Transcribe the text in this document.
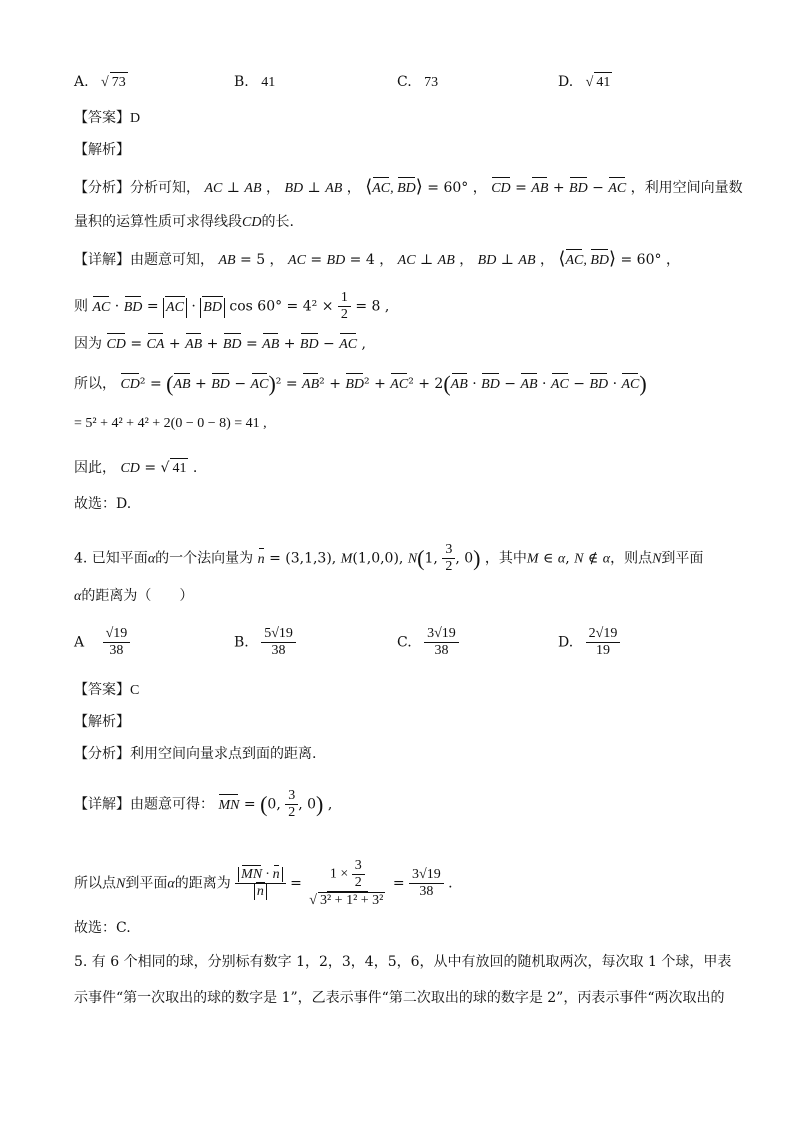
A. √ 73	B. 41	C. 73	D. √ 41
【答案】D
【解析】
【分析】分析可知， AC ⊥ AB ， BD ⊥ AB ， ⟨ AC, BD ⟩ = 60° ， CD = AB + BD − AC ，利用空间向量数
量积的运算性质可求得线段CD的长.
【详解】由题意可知， AB = 5 ， AC = BD = 4 ， AC ⊥ AB ， BD ⊥ AB ， ⟨ AC, BD ⟩ = 60° ，
则 AC · BD = AC · BD $\cos 60^\circ = 4^2 \times \frac{1}{2} = 8$ ,
因为 CD = CA + AB + BD = AB + BD − AC ,
所以， CD² = (AB + BD − AC)² = AB² + BD² + AC² + 2(AB · BD − AB · AC − BD · AC)
= 5² + 4² + 4² + 2(0 − 0 − 8) = 41 ,
因此， CD = √ 41 .
故选：D.
4. 已知平面α的一个法向量为 n = (3,1,3), M(1,0,0), N(1, $\frac{3}{2}$ , 0) ，其中M ∈ α, N ∉ α，则点N到平面
α的距离为（　　）
A $\frac{√19}{38}$	B. $\frac{5√19}{38}$	C. $\frac{3√19}{38}$	D. $\frac{2√19}{19}$
【答案】C
【解析】
【分析】利用空间向量求点到面的距离.
【详解】由题意可得： MN = (0, $\frac{3}{2}$ , 0) ,
所以点N到平面α的距离为 $\frac{MN \cdot n}{n} = \frac{1 \times \frac{3}{2}}{\text{√ 3² + 1² + 3²}} = \frac{3√19}{38}$ .
故选：C.
5. 有 6 个相同的球，分别标有数字 1，2，3，4，5，6，从中有放回的随机取两次，每次取 1 个球，甲表
示事件“第一次取出的球的数字是 1”，乙表示事件“第二次取出的球的数字是 2”，丙表示事件“两次取出的
